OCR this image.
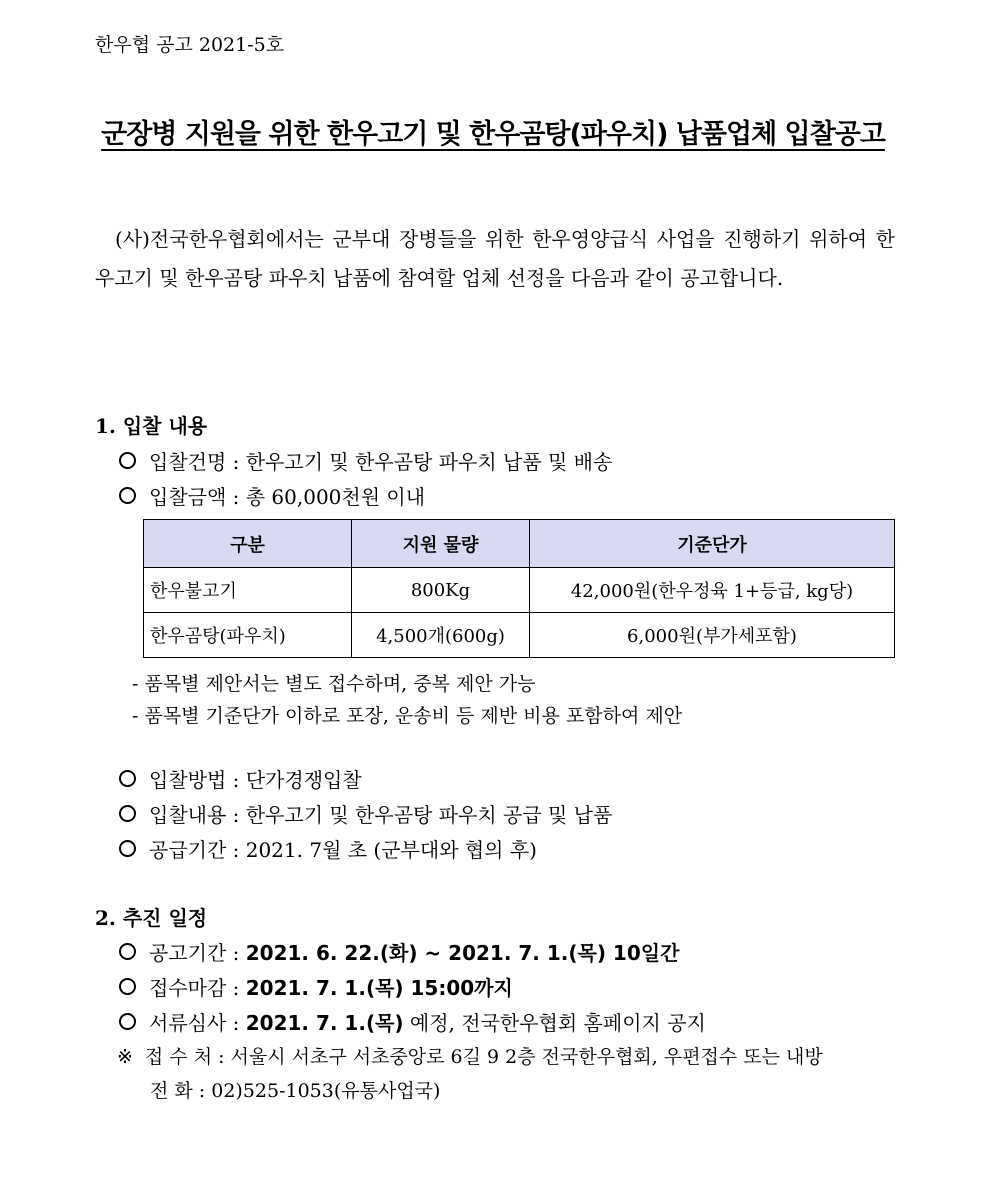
한우협 공고 2021-5호
군장병 지원을 위한 한우고기 및 한우곰탕(파우치) 납품업체 입찰공고
(사)전국한우협회에서는 군부대 장병들을 위한 한우영양급식 사업을 진행하기 위하여 한우고기 및 한우곰탕 파우치 납품에 참여할 업체 선정을 다음과 같이 공고합니다.
1. 입찰 내용
입찰건명 : 한우고기 및 한우곰탕 파우치 납품 및 배송
입찰금액 : 총 60,000천원 이내
구분	지원 물량	기준단가
한우불고기	800Kg	42,000원(한우정육 1+등급, kg당)
한우곰탕(파우치)	4,500개(600g)	6,000원(부가세포함)
- 품목별 제안서는 별도 접수하며, 중복 제안 가능
- 품목별 기준단가 이하로 포장, 운송비 등 제반 비용 포함하여 제안
입찰방법 : 단가경쟁입찰
입찰내용 : 한우고기 및 한우곰탕 파우치 공급 및 납품
공급기간 : 2021. 7월 초 (군부대와 협의 후)
2. 추진 일정
공고기간 : 2021. 6. 22.(화) ~ 2021. 7. 1.(목) 10일간
접수마감 : 2021. 7. 1.(목) 15:00까지
서류심사 : 2021. 7. 1.(목) 예정, 전국한우협회 홈페이지 공지
※ 접 수 처 : 서울시 서초구 서초중앙로 6길 9 2층 전국한우협회, 우편접수 또는 내방
전 화 : 02)525-1053(유통사업국)
